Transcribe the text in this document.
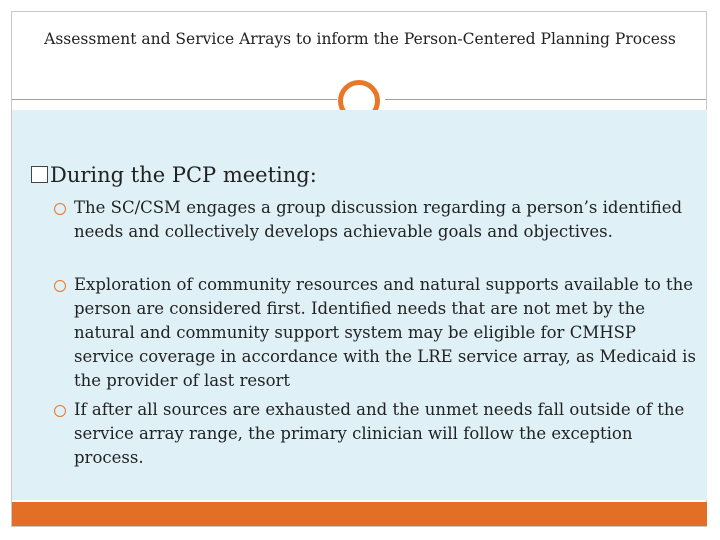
Assessment and Service Arrays to inform the Person-Centered Planning Process
During the PCP meeting:
The SC/CSM engages a group discussion regarding a person’s identified needs and collectively develops achievable goals and objectives.
Exploration of community resources and natural supports available to the person are considered first. Identified needs that are not met by the natural and community support system may be eligible for CMHSP service coverage in accordance with the LRE service array, as Medicaid is the provider of last resort
If after all sources are exhausted and the unmet needs fall outside of the service array range, the primary clinician will follow the exception process.
